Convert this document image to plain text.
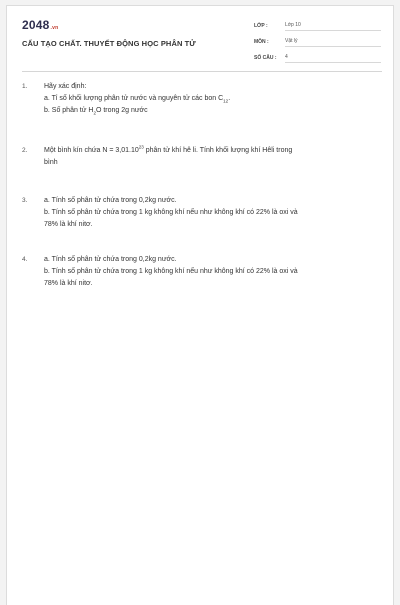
2048.vn
CẤU TẠO CHẤT. THUYẾT ĐỘNG HỌC PHÂN TỬ
LỚP :	Lớp 10
MÔN :	Vật lý
SỐ CÂU : 4
1.	Hãy xác định:
a. Tỉ số khối lượng phân tử nước và nguyên tử các bon $C_{12}$.
b. Số phân tử $H_2O$ trong 2g nước
2.	Một bình kín chứa $N = 3,01.10^{23}$ phân tử khí hê li. Tính khối lượng khí Hêli trong
bình
3.	a. Tính số phân tử chứa trong 0,2kg nước.
b. Tính số phân tử chứa trong 1 kg không khí nếu như không khí có 22% là oxi và
78% là khí nitơ.
4.	a. Tính số phân tử chứa trong 0,2kg nước.
b. Tính số phân tử chứa trong 1 kg không khí nếu như không khí có 22% là oxi và
78% là khí nitơ.
